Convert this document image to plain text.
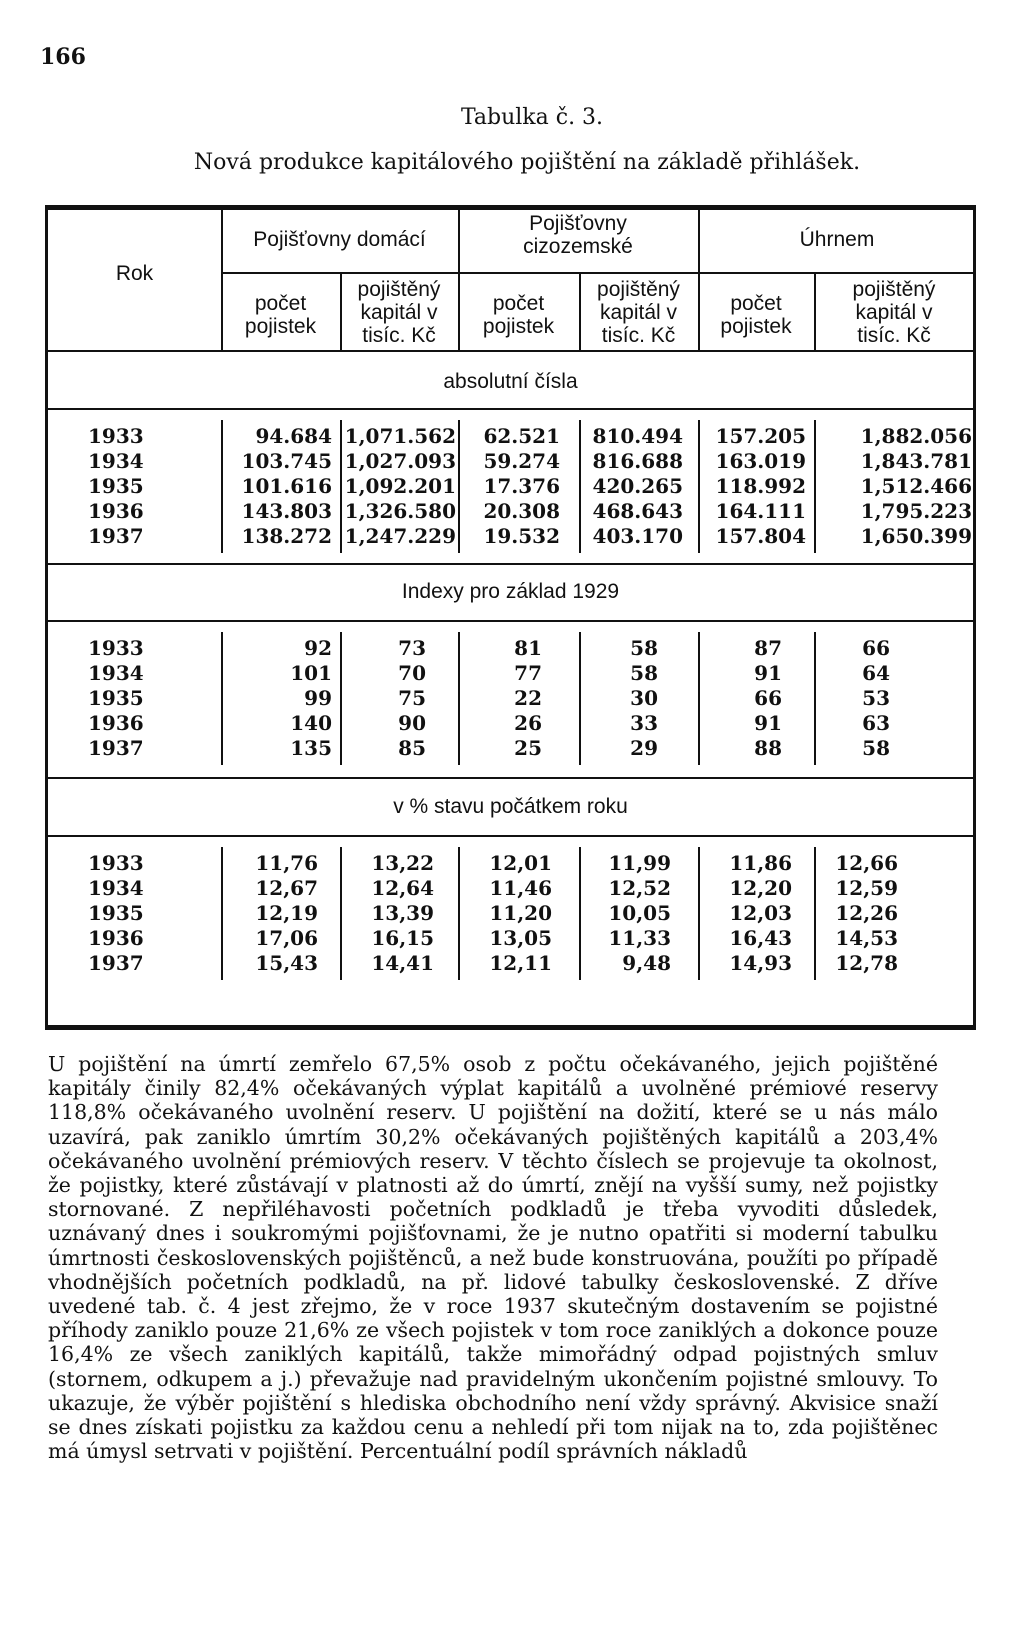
166
Tabulka č. 3.
Nová produkce kapitálového pojištění na základě přihlášek.
Rok
Pojišťovny domácí
Pojišťovny
cizozemské	Úhrnem
počet
pojistek
pojištěný
kapitál v
tisíc. Kč
počet
pojistek
pojištěný
kapitál v
tisíc. Kč
počet
pojistek
pojištěný
kapitál v
tisíc. Kč
absolutní čísla
Indexy pro základ 1929
v % stavu počátkem roku
1933
1934
1935
1936
1937
94.684
103.745
101.616
143.803
138.272
1,071.562
1,027.093
1,092.201
1,326.580
1,247.229
62.521
59.274
17.376
20.308
19.532
810.494
816.688
420.265
468.643
403.170
157.205
163.019
118.992
164.111
157.804
1,882.056
1,843.781
1,512.466
1,795.223
1,650.399
1933
1934
1935
1936
1937
92
101
99
140
135
73
70
75
90
85
81
77
22
26
25
58
58
30
33
29
87
91
66
91
88
66
64
53
63
58
1933
1934
1935
1936
1937
11,76
12,67
12,19
17,06
15,43
13,22
12,64
13,39
16,15
14,41
12,01
11,46
11,20
13,05
12,11
11,99
12,52
10,05
11,33
9,48
11,86
12,20
12,03
16,43
14,93
12,66
12,59
12,26
14,53
12,78

U pojištění na úmrtí zemřelo 67,5% osob z počtu očekávaného, jejich pojištěné kapitály činily 82,4% očekávaných výplat kapitálů a uvolněné prémiové reservy 118,8% očekávaného uvolnění reserv. U pojištění na dožití, které se u nás málo uzavírá, pak zaniklo úmrtím 30,2% očekávaných pojištěných kapitálů a 203,4% očekávaného uvolnění prémiových reserv. V těchto číslech se projevuje ta okolnost, že pojistky, které zůstávají v platnosti až do úmrtí, znějí na vyšší sumy, než pojistky stornované. Z nepřiléhavosti početních podkladů je třeba vyvoditi důsledek, uznávaný dnes i soukromými pojišťovnami, že je nutno opatřiti si moderní tabulku úmrtnosti československých pojištěnců, a než bude konstruována, použíti po případě vhodnějších početních podkladů, na př. lidové tabulky československé. Z dříve uvedené tab. č. 4 jest zřejmo, že v roce 1937 skutečným dostavením se pojistné příhody zaniklo pouze 21,6% ze všech pojistek v tom roce zaniklých a dokonce pouze 16,4% ze všech zaniklých kapitálů, takže mimořádný odpad pojistných smluv (stornem, odkupem a j.) převažuje nad pravidelným ukončením pojistné smlouvy. To ukazuje, že výběr pojištění s hlediska obchodního není vždy správný. Akvisice snaží se dnes získati pojistku za každou cenu a nehledí při tom nijak na to, zda pojištěnec má úmysl setrvati v pojištění. Percentuální podíl správních nákladů
